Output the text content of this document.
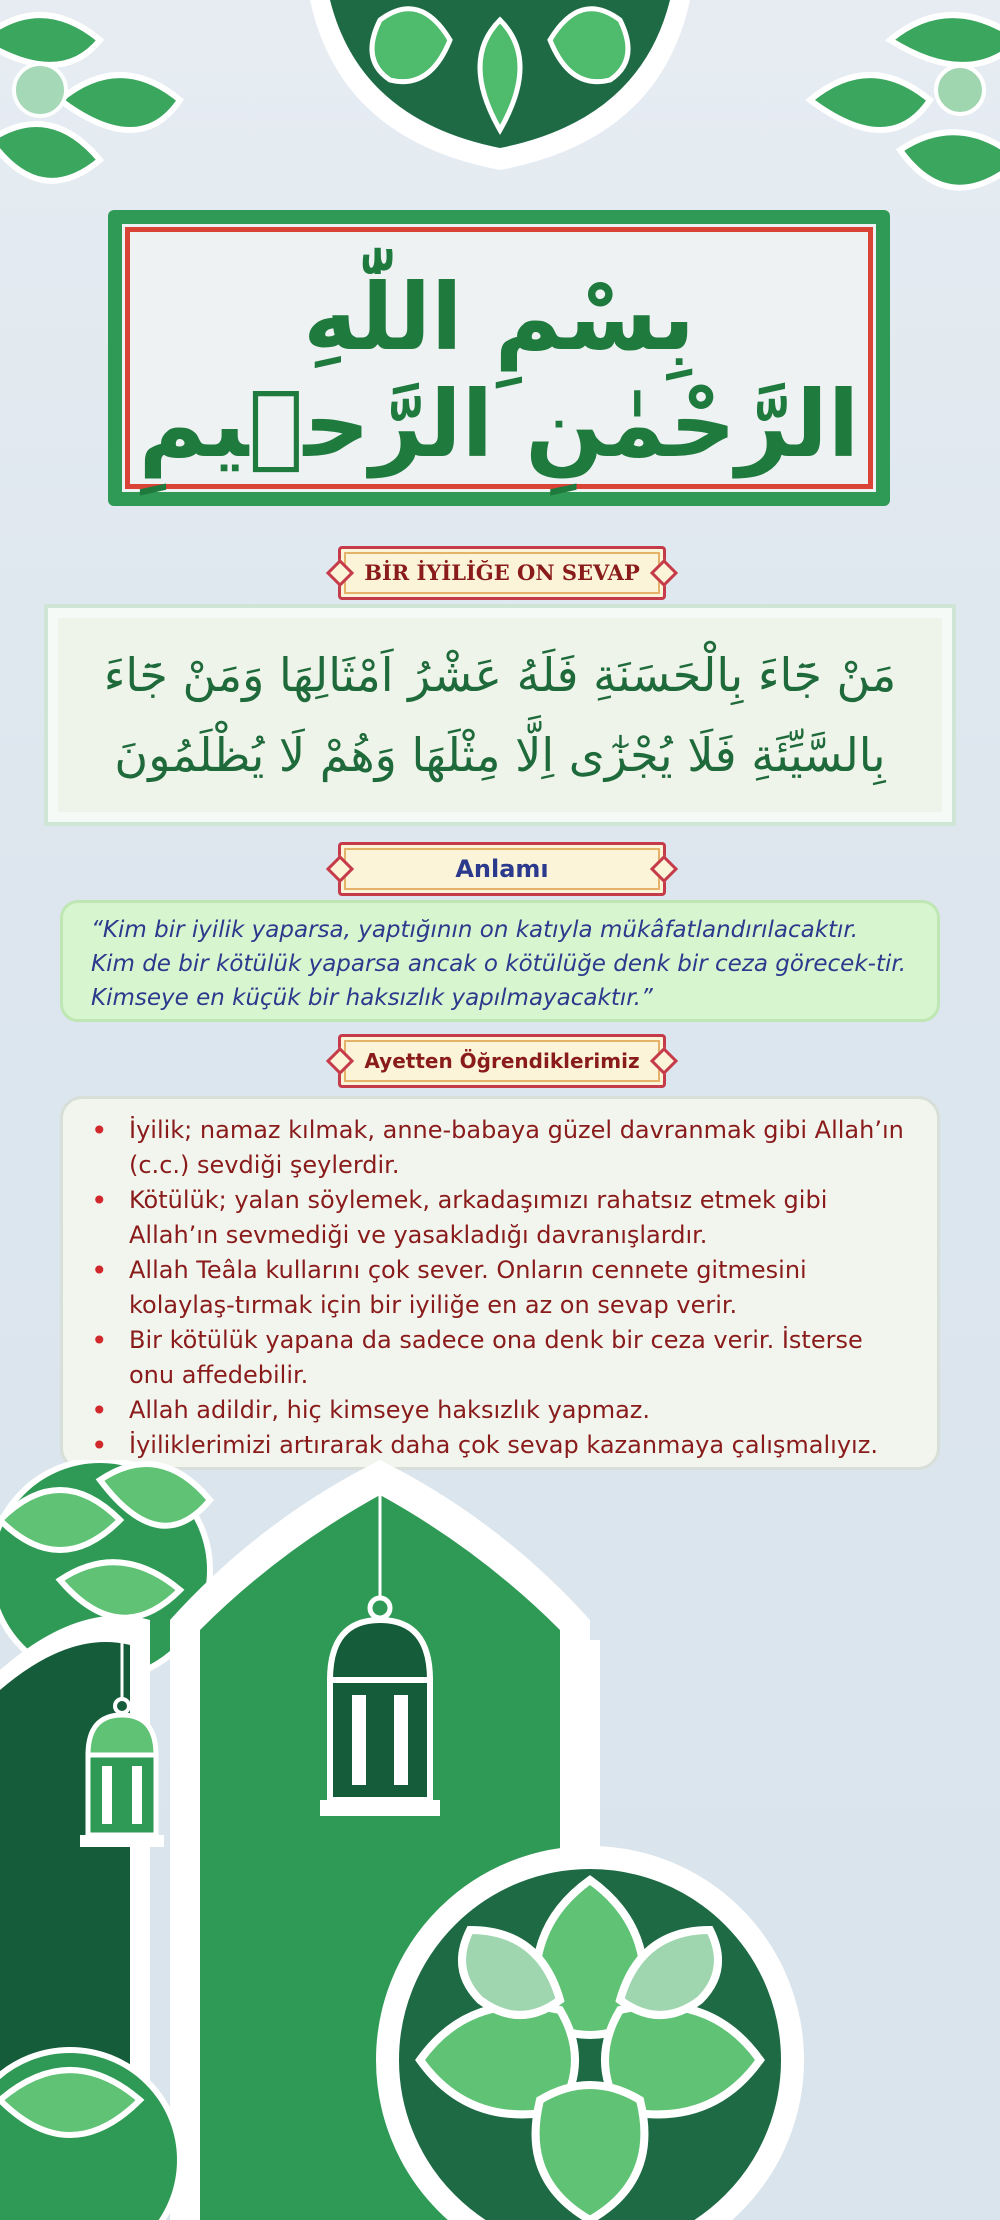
بِسْمِ اللّٰهِ الرَّحْمٰنِ الرَّح۪يمِ
BİR İYİLİĞE ON SEVAP
مَنْ جَٓاءَ بِالْحَسَنَةِ فَلَهُ عَشْرُ اَمْثَالِهَا وَمَنْ جَٓاءَ
بِالسَّيِّئَةِ فَلَا يُجْزٰٓى اِلَّا مِثْلَهَا وَهُمْ لَا يُظْلَمُونَ
Anlamı
“Kim bir iyilik yaparsa, yaptığının on katıyla mükâfatlandırılacaktır. Kim de bir kötülük yaparsa ancak o kötülüğe denk bir ceza görecek-tir. Kimseye en küçük bir haksızlık yapılmayacaktır.”
Ayetten Öğrendiklerimiz
• İyilik; namaz kılmak, anne-babaya güzel davranmak gibi Allah’ın (c.c.) sevdiği şeylerdir.
• Kötülük; yalan söylemek, arkadaşımızı rahatsız etmek gibi Allah’ın sevmediği ve yasakladığı davranışlardır.
• Allah Teâla kullarını çok sever. Onların cennete gitmesini kolaylaş-tırmak için bir iyiliğe en az on sevap verir.
• Bir kötülük yapana da sadece ona denk bir ceza verir. İsterse onu affedebilir.
• Allah adildir, hiç kimseye haksızlık yapmaz.
• İyiliklerimizi artırarak daha çok sevap kazanmaya çalışmalıyız.
